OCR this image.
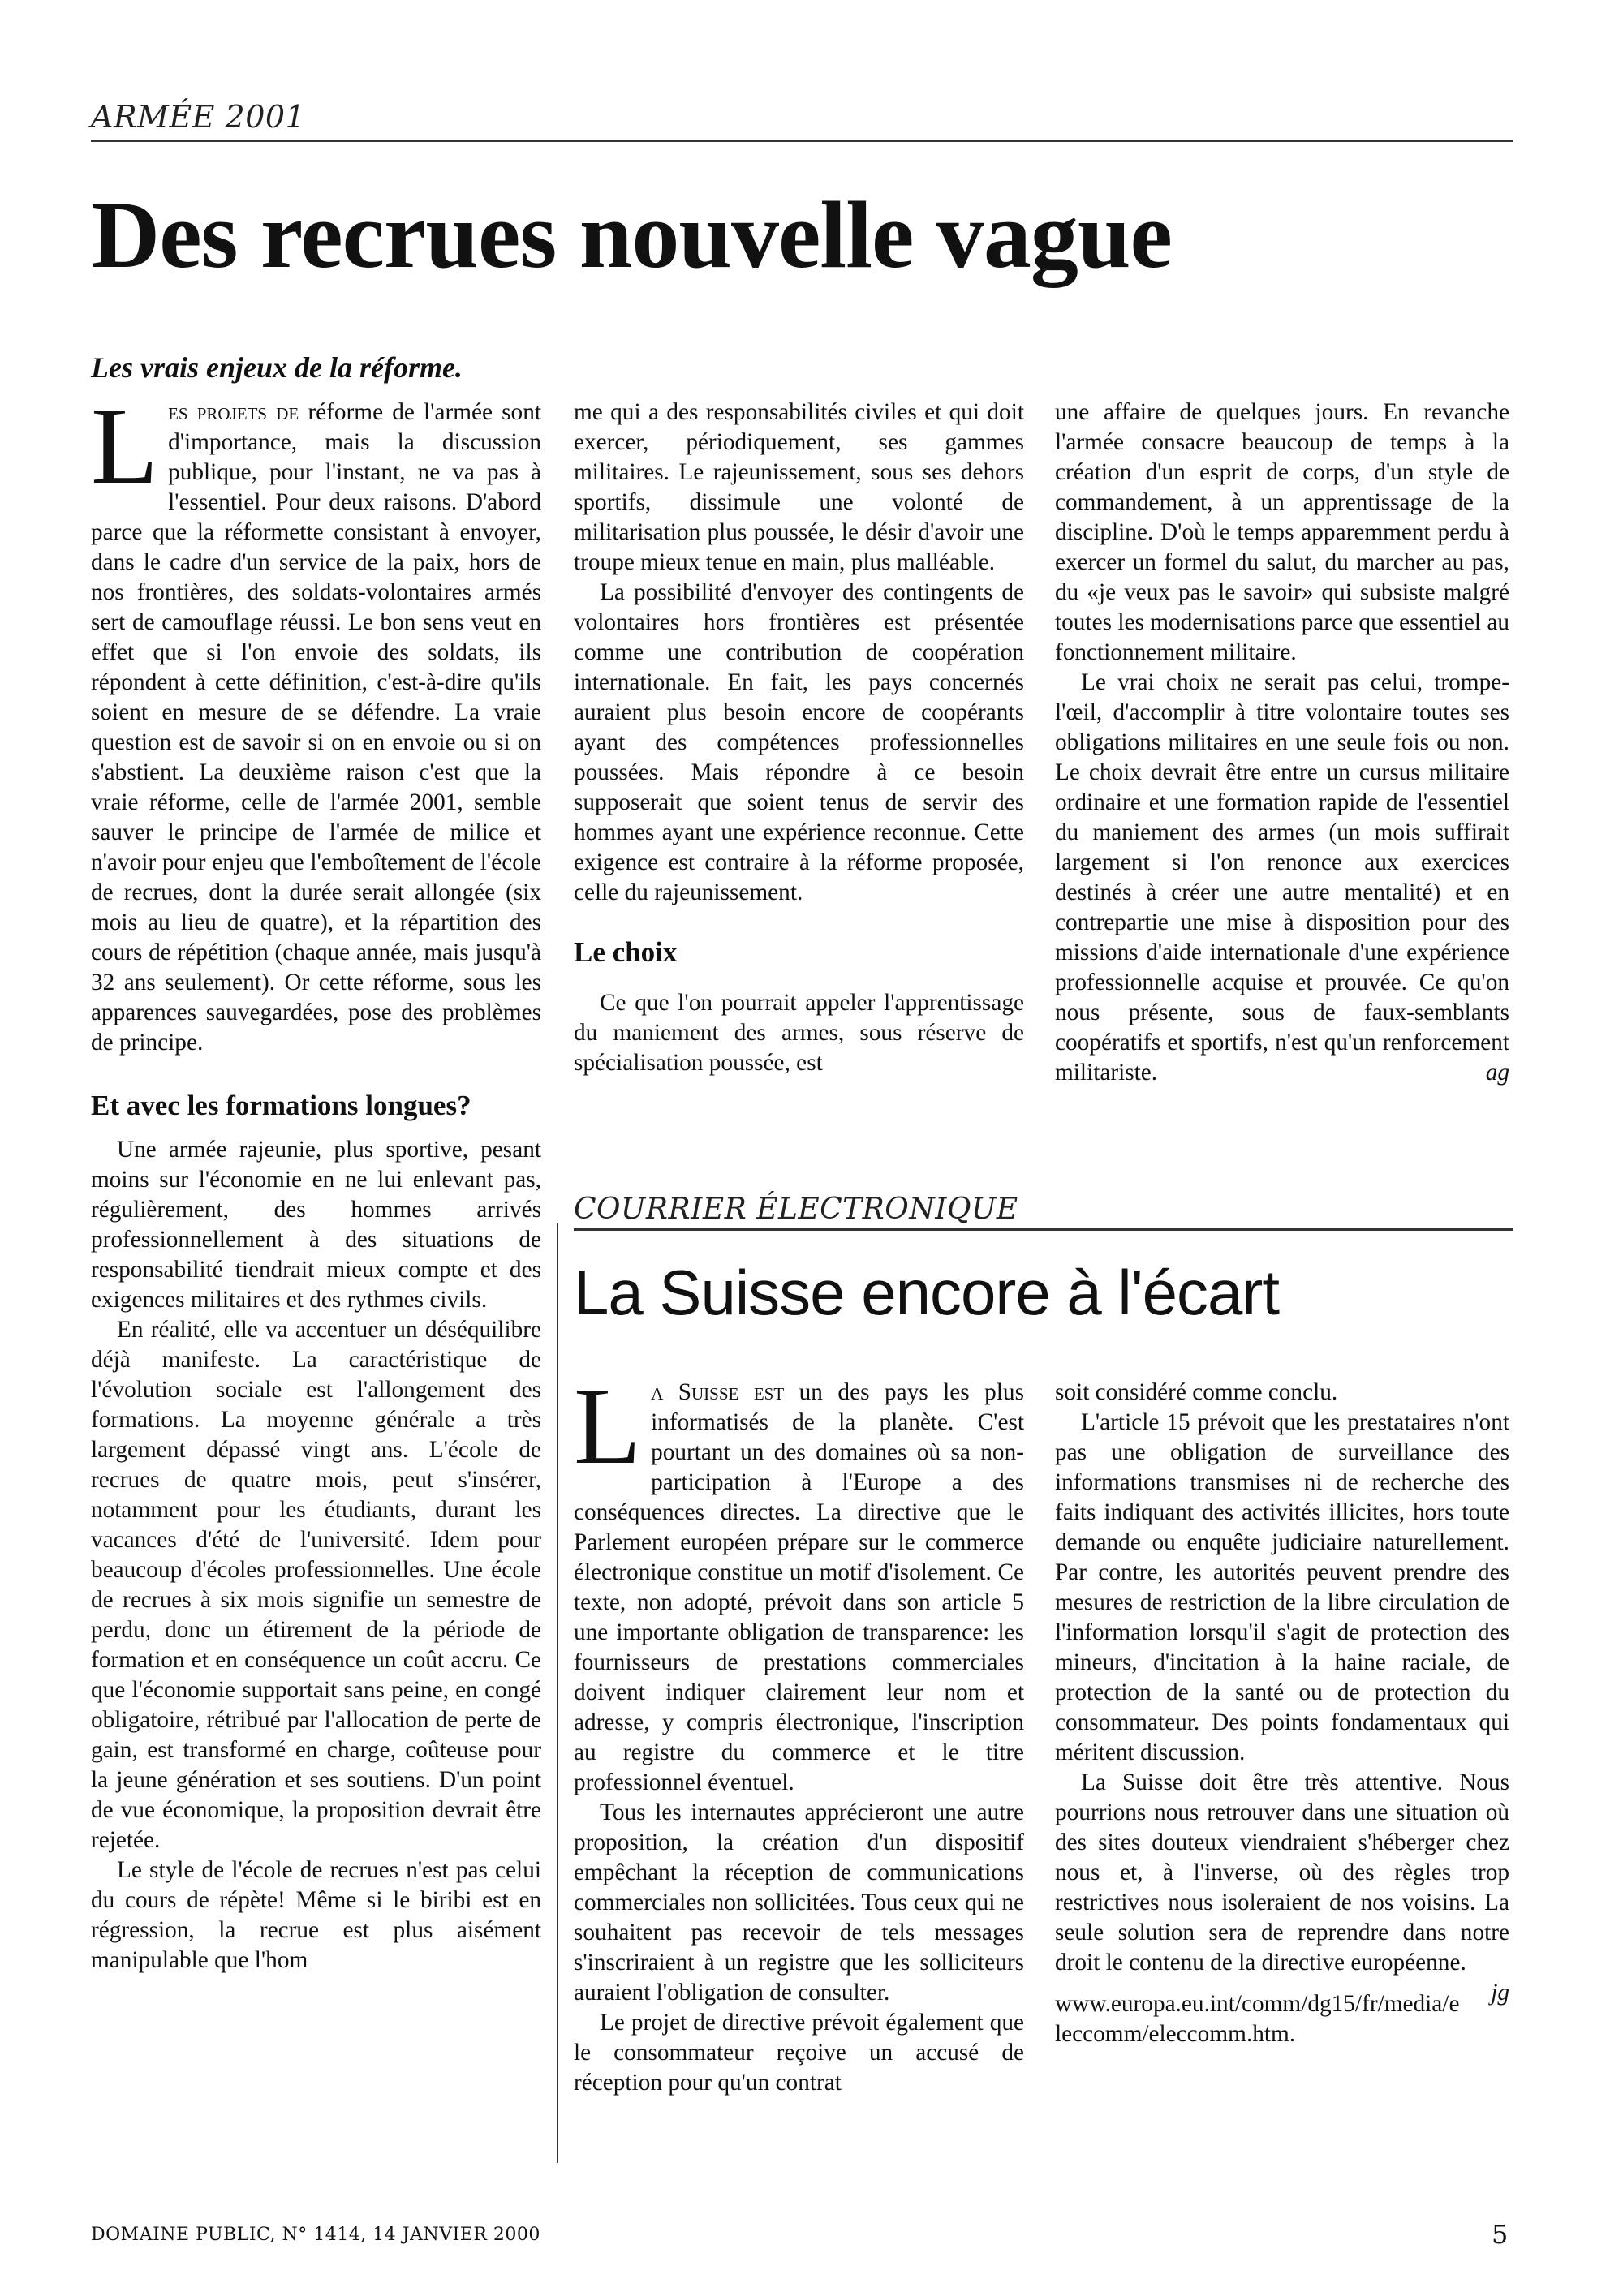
ARMÉE 2001
Des recrues nouvelle vague
Les vrais enjeux de la réforme.

L es projets de réforme de l'armée sont d'importance, mais la discussion publique, pour l'instant, ne va pas à l'essentiel. Pour deux raisons. D'abord parce que la réformette consistant à envoyer, dans le cadre d'un service de la paix, hors de nos frontières, des soldats-volontaires armés sert de camouflage réussi. Le bon sens veut en effet que si l'on envoie des soldats, ils répondent à cette définition, c'est-à-dire qu'ils soient en mesure de se défendre. La vraie question est de savoir si on en envoie ou si on s'abstient. La deuxième raison c'est que la vraie réforme, celle de l'armée 2001, semble sauver le principe de l'armée de milice et n'avoir pour enjeu que l'emboîtement de l'école de recrues, dont la durée serait allongée (six mois au lieu de quatre), et la répartition des cours de répétition (chaque année, mais jusqu'à 32 ans seulement). Or cette réforme, sous les apparences sauvegardées, pose des problèmes de principe.

Et avec les formations longues?

Une armée rajeunie, plus sportive, pesant moins sur l'économie en ne lui enlevant pas, régulièrement, des hommes arrivés professionnellement à des situations de responsabilité tiendrait mieux compte et des exigences militaires et des rythmes civils.

En réalité, elle va accentuer un déséquilibre déjà manifeste. La caractéristique de l'évolution sociale est l'allongement des formations. La moyenne générale a très largement dépassé vingt ans. L'école de recrues de quatre mois, peut s'insérer, notamment pour les étudiants, durant les vacances d'été de l'université. Idem pour beaucoup d'écoles professionnelles. Une école de recrues à six mois signifie un semestre de perdu, donc un étirement de la période de formation et en conséquence un coût accru. Ce que l'économie supportait sans peine, en congé obligatoire, rétribué par l'allocation de perte de gain, est transformé en charge, coûteuse pour la jeune génération et ses soutiens. D'un point de vue économique, la proposition devrait être rejetée.

Le style de l'école de recrues n'est pas celui du cours de répète! Même si le biribi est en régression, la recrue est plus aisément manipulable que l'hom

me qui a des responsabilités civiles et qui doit exercer, périodiquement, ses gammes militaires. Le rajeunissement, sous ses dehors sportifs, dissimule une volonté de militarisation plus poussée, le désir d'avoir une troupe mieux tenue en main, plus malléable.

La possibilité d'envoyer des contingents de volontaires hors frontières est présentée comme une contribution de coopération internationale. En fait, les pays concernés auraient plus besoin encore de coopérants ayant des compétences professionnelles poussées. Mais répondre à ce besoin supposerait que soient tenus de servir des hommes ayant une expérience reconnue. Cette exigence est contraire à la réforme proposée, celle du rajeunissement.

Le choix

Ce que l'on pourrait appeler l'apprentissage du maniement des armes, sous réserve de spécialisation poussée, est

une affaire de quelques jours. En revanche l'armée consacre beaucoup de temps à la création d'un esprit de corps, d'un style de commandement, à un apprentissage de la discipline. D'où le temps apparemment perdu à exercer un formel du salut, du marcher au pas, du «je veux pas le savoir» qui subsiste malgré toutes les modernisations parce que essentiel au fonctionnement militaire.

Le vrai choix ne serait pas celui, trompe-l'œil, d'accomplir à titre volontaire toutes ses obligations militaires en une seule fois ou non. Le choix devrait être entre un cursus militaire ordinaire et une formation rapide de l'essentiel du maniement des armes (un mois suffirait largement si l'on renonce aux exercices destinés à créer une autre mentalité) et en contrepartie une mise à disposition pour des missions d'aide internationale d'une expérience professionnelle acquise et prouvée. Ce qu'on nous présente, sous de faux-semblants coopératifs et sportifs, n'est qu'un renforcement militariste.	ag

COURRIER ÉLECTRONIQUE
La Suisse encore à l'écart

L a Suisse est un des pays les plus informatisés de la planète. C'est pourtant un des domaines où sa non-participation à l'Europe a des conséquences directes. La directive que le Parlement européen prépare sur le commerce électronique constitue un motif d'isolement. Ce texte, non adopté, prévoit dans son article 5 une importante obligation de transparence: les fournisseurs de prestations commerciales doivent indiquer clairement leur nom et adresse, y compris électronique, l'inscription au registre du commerce et le titre professionnel éventuel.

Tous les internautes apprécieront une autre proposition, la création d'un dispositif empêchant la réception de communications commerciales non sollicitées. Tous ceux qui ne souhaitent pas recevoir de tels messages s'inscriraient à un registre que les solliciteurs auraient l'obligation de consulter.

Le projet de directive prévoit également que le consommateur reçoive un accusé de réception pour qu'un contrat

soit considéré comme conclu.

L'article 15 prévoit que les prestataires n'ont pas une obligation de surveillance des informations transmises ni de recherche des faits indiquant des activités illicites, hors toute demande ou enquête judiciaire naturellement. Par contre, les autorités peuvent prendre des mesures de restriction de la libre circulation de l'information lorsqu'il s'agit de protection des mineurs, d'incitation à la haine raciale, de protection de la santé ou de protection du consommateur. Des points fondamentaux qui méritent discussion.

La Suisse doit être très attentive. Nous pourrions nous retrouver dans une situation où des sites douteux viendraient s'héberger chez nous et, à l'inverse, où des règles trop restrictives nous isoleraient de nos voisins. La seule solution sera de reprendre dans notre droit le contenu de la directive européenne.
jg

www.europa.eu.int/comm/dg15/fr/media/eleccomm/eleccomm.htm.

DOMAINE PUBLIC, N° 1414, 14 JANVIER 2000	5
